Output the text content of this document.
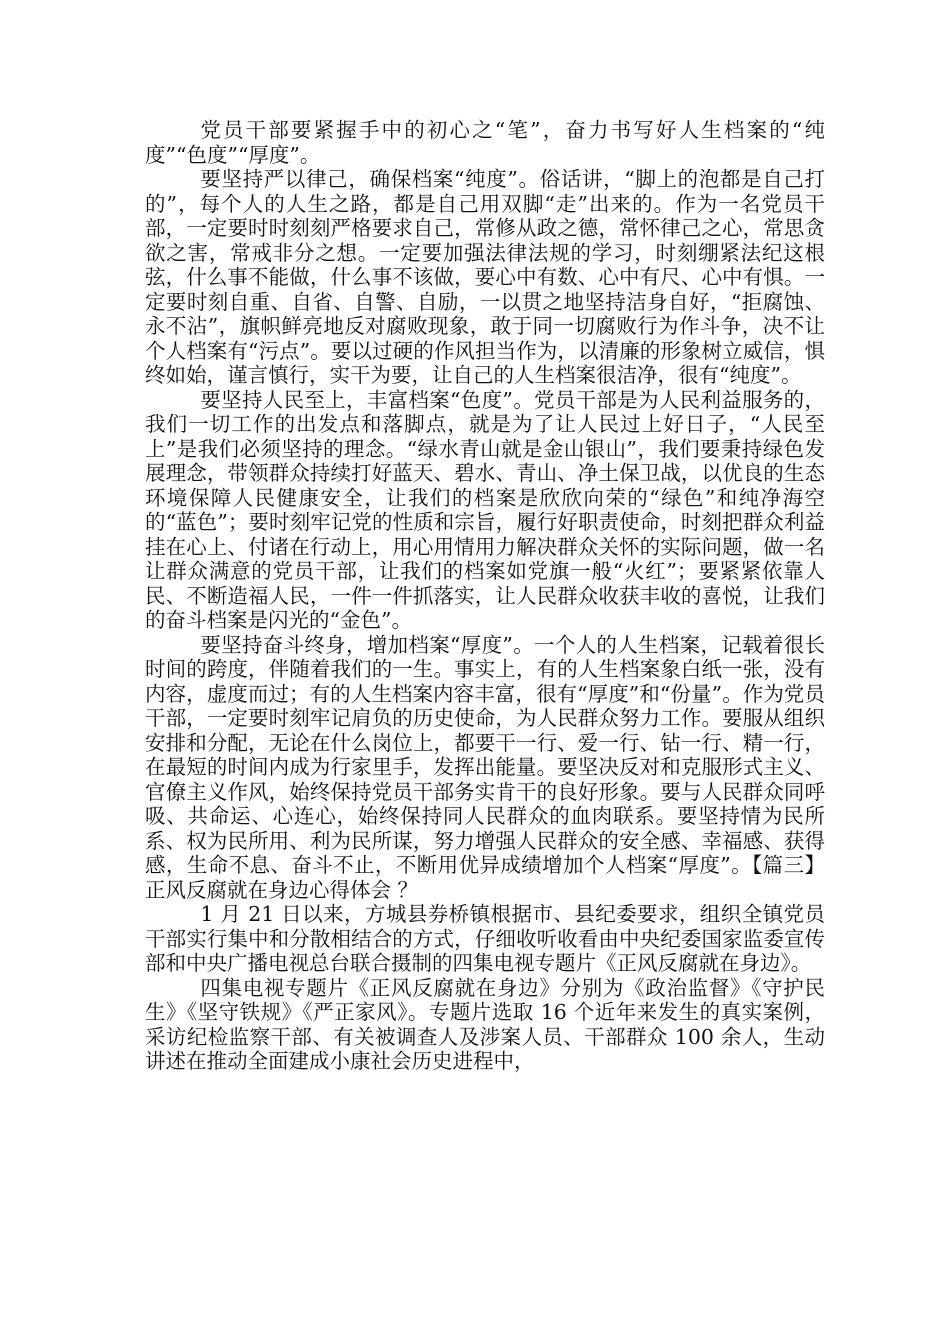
党员干部要紧握手中的初心之“笔”，奋力书写好人生档案的“纯度”“色度”“厚度”。

要坚持严以律己，确保档案“纯度”。俗话讲，“脚上的泡都是自己打的”，每个人的人生之路，都是自己用双脚“走”出来的。作为一名党员干部，一定要时时刻刻严格要求自己，常修从政之德，常怀律己之心，常思贪欲之害，常戒非分之想。一定要加强法律法规的学习，时刻绷紧法纪这根弦，什么事不能做，什么事不该做，要心中有数、心中有尺、心中有惧。一定要时刻自重、自省、自警、自励，一以贯之地坚持洁身自好，“拒腐蚀、永不沾”，旗帜鲜亮地反对腐败现象，敢于同一切腐败行为作斗争，决不让个人档案有“污点”。要以过硬的作风担当作为，以清廉的形象树立威信，惧终如始，谨言慎行，实干为要，让自己的人生档案很洁净，很有“纯度”。

要坚持人民至上，丰富档案“色度”。党员干部是为人民利益服务的，我们一切工作的出发点和落脚点，就是为了让人民过上好日子，“人民至上”是我们必须坚持的理念。“绿水青山就是金山银山”，我们要秉持绿色发展理念，带领群众持续打好蓝天、碧水、青山、净土保卫战，以优良的生态环境保障人民健康安全，让我们的档案是欣欣向荣的“绿色”和纯净海空的“蓝色”；要时刻牢记党的性质和宗旨，履行好职责使命，时刻把群众利益挂在心上、付诸在行动上，用心用情用力解决群众关怀的实际问题，做一名让群众满意的党员干部，让我们的档案如党旗一般“火红”；要紧紧依靠人民、不断造福人民，一件一件抓落实，让人民群众收获丰收的喜悦，让我们的奋斗档案是闪光的“金色”。

要坚持奋斗终身，增加档案“厚度”。一个人的人生档案，记载着很长时间的跨度，伴随着我们的一生。事实上，有的人生档案象白纸一张，没有内容，虚度而过；有的人生档案内容丰富，很有“厚度”和“份量”。作为党员干部，一定要时刻牢记肩负的历史使命，为人民群众努力工作。要服从组织安排和分配，无论在什么岗位上，都要干一行、爱一行、钻一行、精一行，在最短的时间内成为行家里手，发挥出能量。要坚决反对和克服形式主义、官僚主义作风，始终保持党员干部务实肯干的良好形象。要与人民群众同呼吸、共命运、心连心，始终保持同人民群众的血肉联系。要坚持情为民所系、权为民所用、利为民所谋，努力增强人民群众的安全感、幸福感、获得感，生命不息、奋斗不止，不断用优异成绩增加个人档案“厚度”。【篇三】正风反腐就在身边心得体会 ？

1 月 21 日以来，方城县券桥镇根据市、县纪委要求，组织全镇党员干部实行集中和分散相结合的方式，仔细收听收看由中央纪委国家监委宣传部和中央广播电视总台联合摄制的四集电视专题片《正风反腐就在身边》。

四集电视专题片《正风反腐就在身边》分别为《政治监督》《守护民生》《坚守铁规》《严正家风》。专题片选取 16 个近年来发生的真实案例，采访纪检监察干部、有关被调查人及涉案人员、干部群众 100 余人，生动讲述在推动全面建成小康社会历史进程中，
